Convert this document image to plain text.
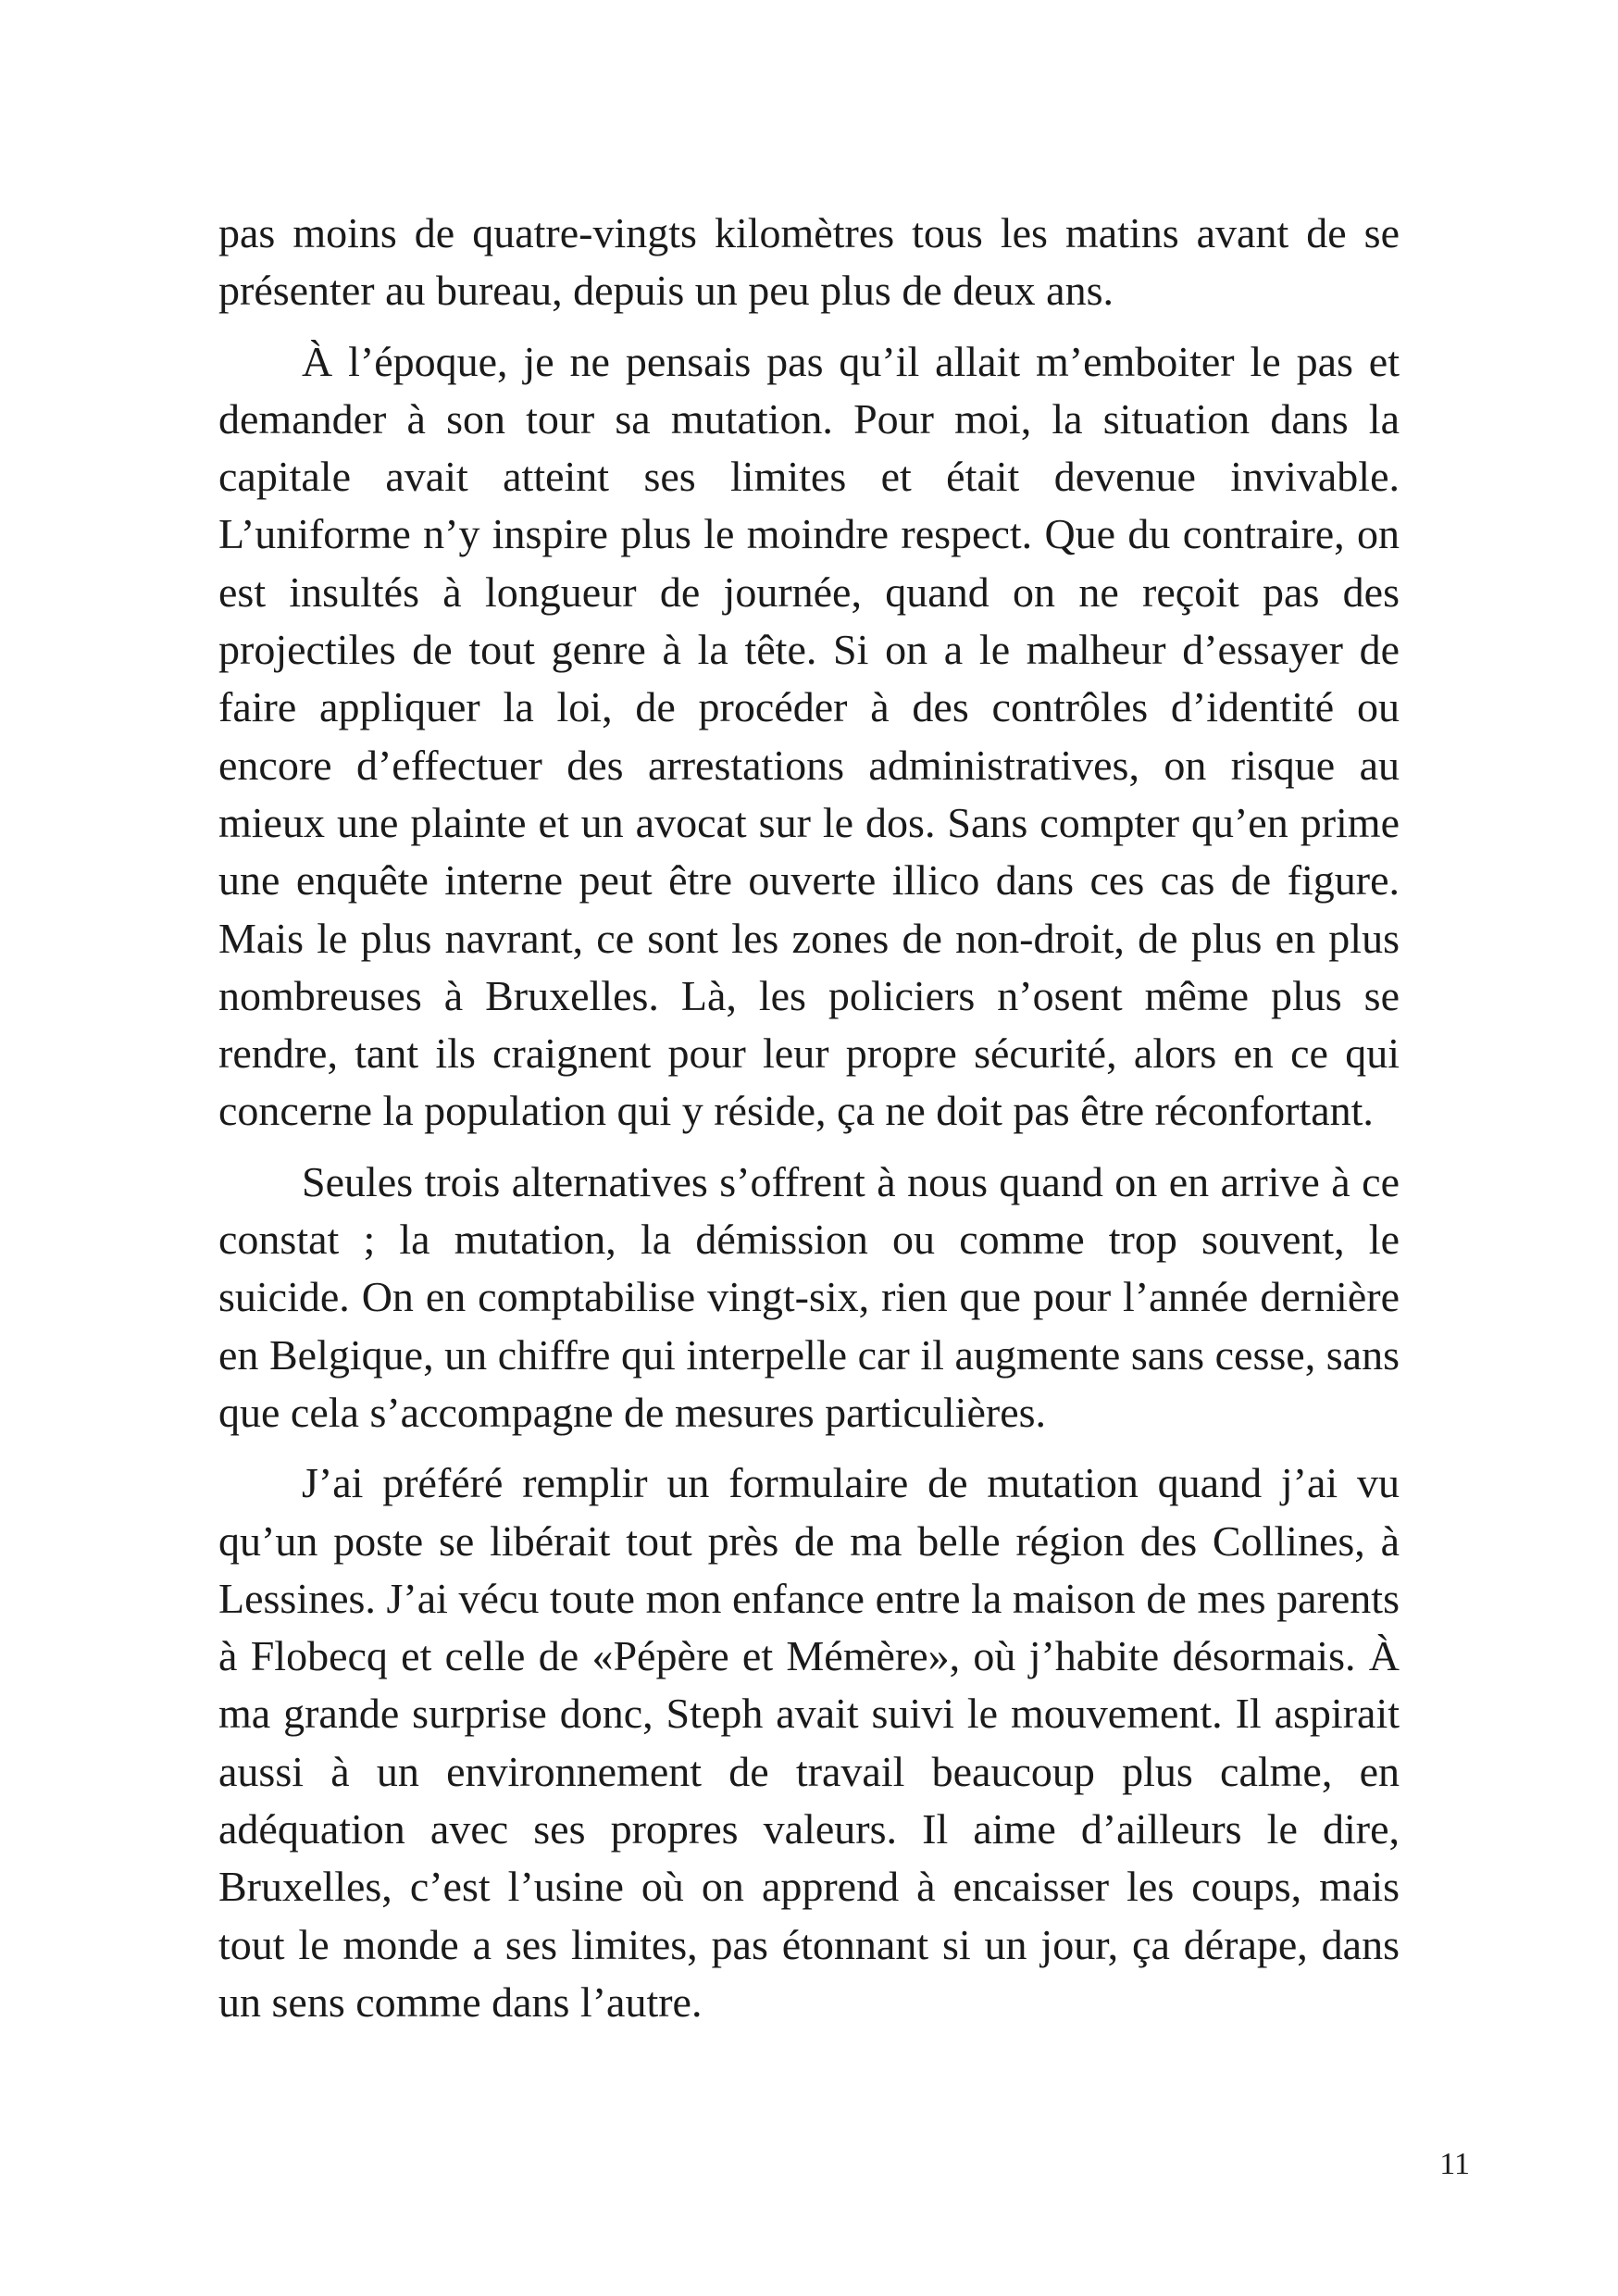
pas moins de quatre-vingts kilomètres tous les matins avant de se présenter au bureau, depuis un peu plus de deux ans.

À l’époque, je ne pensais pas qu’il allait m’emboiter le pas et demander à son tour sa mutation. Pour moi, la situation dans la capitale avait atteint ses limites et était devenue invivable. L’uniforme n’y inspire plus le moindre respect. Que du contraire, on est insultés à longueur de journée, quand on ne reçoit pas des projectiles de tout genre à la tête. Si on a le malheur d’essayer de faire appliquer la loi, de procéder à des contrôles d’identité ou encore d’effectuer des arrestations administratives, on risque au mieux une plainte et un avocat sur le dos. Sans compter qu’en prime une enquête interne peut être ouverte illico dans ces cas de figure. Mais le plus navrant, ce sont les zones de non-droit, de plus en plus nombreuses à Bruxelles. Là, les policiers n’osent même plus se rendre, tant ils craignent pour leur propre sécurité, alors en ce qui concerne la population qui y réside, ça ne doit pas être réconfortant.

Seules trois alternatives s’offrent à nous quand on en arrive à ce constat ; la mutation, la démission ou comme trop souvent, le suicide. On en comptabilise vingt-six, rien que pour l’année dernière en Belgique, un chiffre qui interpelle car il augmente sans cesse, sans que cela s’accompagne de mesures particulières.

J’ai préféré remplir un formulaire de mutation quand j’ai vu qu’un poste se libérait tout près de ma belle région des Collines, à Lessines. J’ai vécu toute mon enfance entre la maison de mes parents à Flobecq et celle de «Pépère et Mémère», où j’habite désormais. À ma grande surprise donc, Steph avait suivi le mouvement. Il aspirait aussi à un environnement de travail beaucoup plus calme, en adéquation avec ses propres valeurs. Il aime d’ailleurs le dire, Bruxelles, c’est l’usine où on apprend à encaisser les coups, mais tout le monde a ses limites, pas étonnant si un jour, ça dérape, dans un sens comme dans l’autre.

11
